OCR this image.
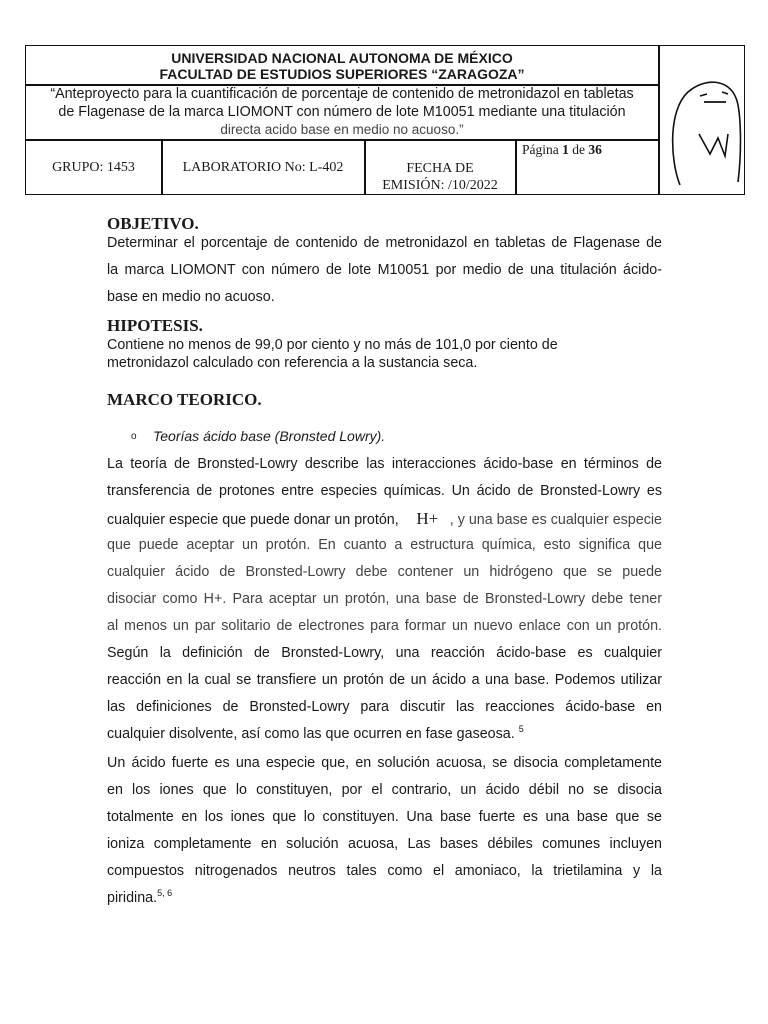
UNIVERSIDAD NACIONAL AUTONOMA DE MÉXICO
FACULTAD DE ESTUDIOS SUPERIORES “ZARAGOZA”
“Anteproyecto para la cuantificación de porcentaje de contenido de metronidazol en tabletas
de Flagenase de la marca LIOMONT con número de lote M10051 mediante una titulación
directa acido base en medio no acuoso.”
GRUPO: 1453	LABORATORIO No: L-402	FECHA DE
EMISIÓN: /10/2022
Página 1 de 36
OBJETIVO.
Determinar el porcentaje de contenido de metronidazol en tabletas de Flagenase de
la marca LIOMONT con número de lote M10051 por medio de una titulación ácido-
base en medio no acuoso.
HIPOTESIS.
Contiene no menos de 99,0 por ciento y no más de 101,0 por ciento de
metronidazol calculado con referencia a la sustancia seca.
MARCO TEORICO.
o Teorías ácido base (Bronsted Lowry).
La teoría de Bronsted-Lowry describe las interacciones ácido-base en términos de
transferencia de protones entre especies químicas. Un ácido de Bronsted-Lowry es
cualquier especie que puede donar un protón, H+ , y una base es cualquier especie
que puede aceptar un protón. En cuanto a estructura química, esto significa que
cualquier ácido de Bronsted-Lowry debe contener un hidrógeno que se puede
disociar como H+. Para aceptar un protón, una base de Bronsted-Lowry debe tener
al menos un par solitario de electrones para formar un nuevo enlace con un protón.
Según la definición de Bronsted-Lowry, una reacción ácido-base es cualquier
reacción en la cual se transfiere un protón de un ácido a una base. Podemos utilizar
las definiciones de Bronsted-Lowry para discutir las reacciones ácido-base en
cualquier disolvente, así como las que ocurren en fase gaseosa. $^5$
Un ácido fuerte es una especie que, en solución acuosa, se disocia completamente
en los iones que lo constituyen, por el contrario, un ácido débil no se disocia
totalmente en los iones que lo constituyen. Una base fuerte es una base que se
ioniza completamente en solución acuosa, Las bases débiles comunes incluyen
compuestos nitrogenados neutros tales como el amoniaco, la trietilamina y la
piridina.$^{5, 6}$
